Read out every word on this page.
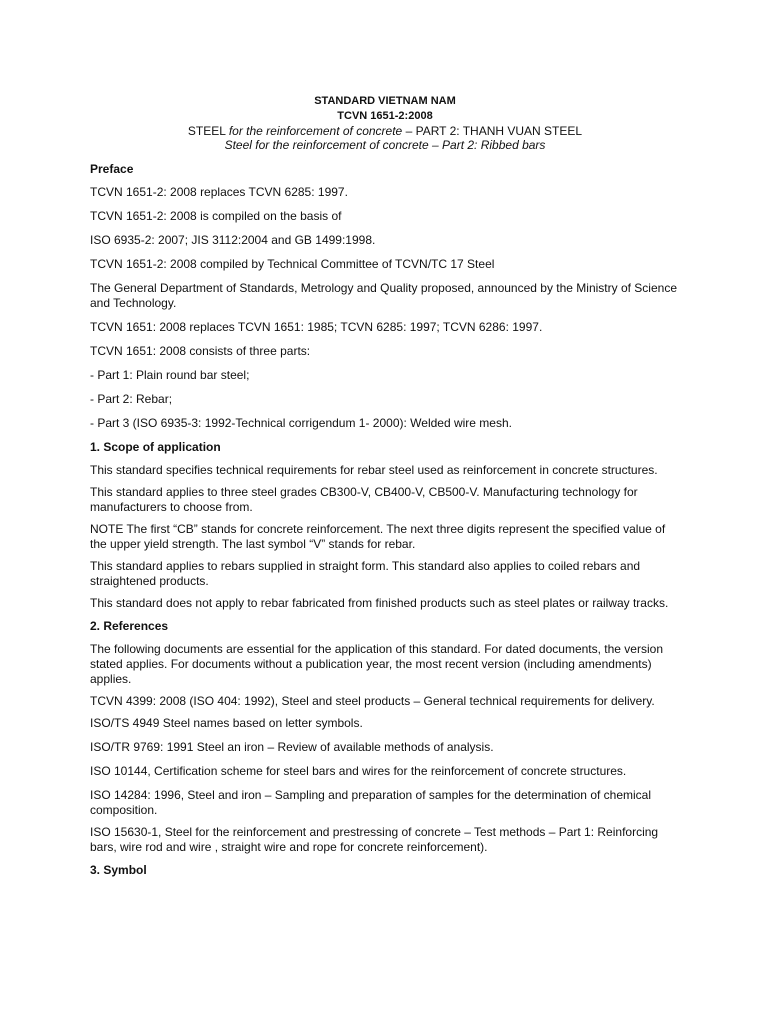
STANDARD VIETNAM NAM
TCVN 1651-2:2008
STEEL for the reinforcement of concrete – PART 2: THANH VUAN STEEL
Steel for the reinforcement of concrete – Part 2: Ribbed bars
Preface
TCVN 1651-2: 2008 replaces TCVN 6285: 1997.
TCVN 1651-2: 2008 is compiled on the basis of
ISO 6935-2: 2007; JIS 3112:2004 and GB 1499:1998.
TCVN 1651-2: 2008 compiled by Technical Committee of TCVN/TC 17 Steel
The General Department of Standards, Metrology and Quality proposed, announced by the Ministry of Science and Technology.
TCVN 1651: 2008 replaces TCVN 1651: 1985; TCVN 6285: 1997; TCVN 6286: 1997.
TCVN 1651: 2008 consists of three parts:
- Part 1: Plain round bar steel;
- Part 2: Rebar;
- Part 3 (ISO 6935-3: 1992-Technical corrigendum 1- 2000): Welded wire mesh.
1. Scope of application
This standard specifies technical requirements for rebar steel used as reinforcement in concrete structures.
This standard applies to three steel grades CB300-V, CB400-V, CB500-V. Manufacturing technology for manufacturers to choose from.
NOTE The first “CB” stands for concrete reinforcement. The next three digits represent the specified value of the upper yield strength. The last symbol “V” stands for rebar.
This standard applies to rebars supplied in straight form. This standard also applies to coiled rebars and straightened products.
This standard does not apply to rebar fabricated from finished products such as steel plates or railway tracks.
2. References
The following documents are essential for the application of this standard. For dated documents, the version stated applies. For documents without a publication year, the most recent version (including amendments) applies.
TCVN 4399: 2008 (ISO 404: 1992), Steel and steel products – General technical requirements for delivery.
ISO/TS 4949 Steel names based on letter symbols.
ISO/TR 9769: 1991 Steel an iron – Review of available methods of analysis.
ISO 10144, Certification scheme for steel bars and wires for the reinforcement of concrete structures.
ISO 14284: 1996, Steel and iron – Sampling and preparation of samples for the determination of chemical composition.
ISO 15630-1, Steel for the reinforcement and prestressing of concrete – Test methods – Part 1: Reinforcing bars, wire rod and wire , straight wire and rope for concrete reinforcement).
3. Symbol
